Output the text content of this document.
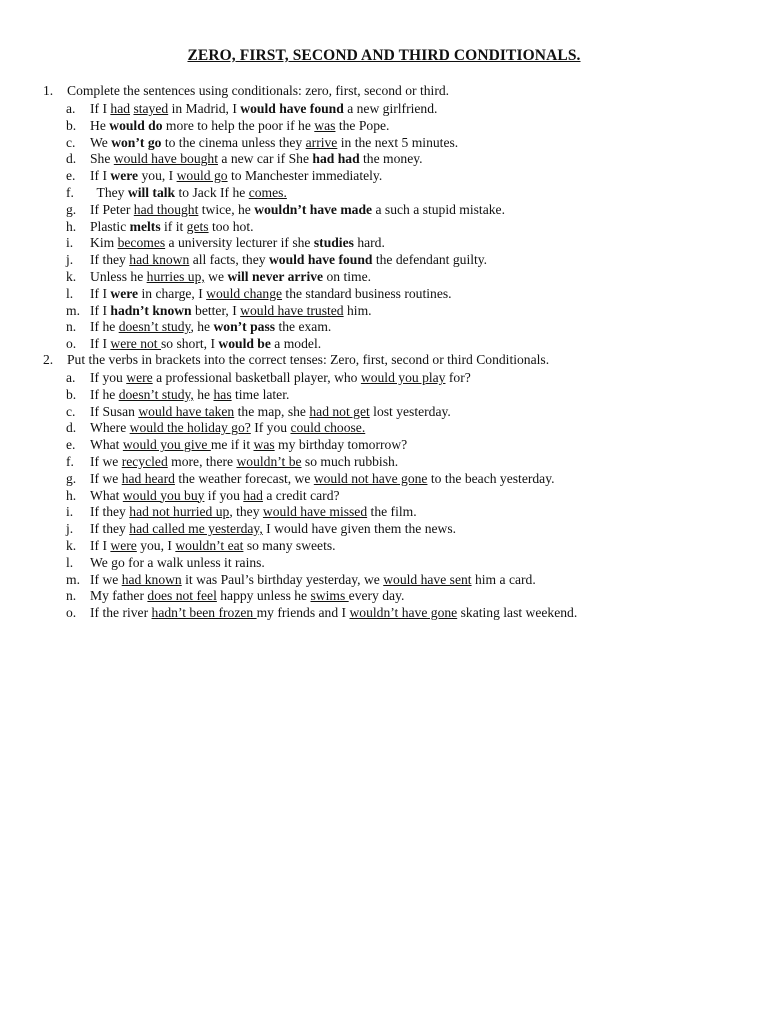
ZERO, FIRST, SECOND AND THIRD CONDITIONALS.
1. Complete the sentences using conditionals: zero, first, second or third.
a. If I had stayed in Madrid, I would have found a new girlfriend.
b. He would do more to help the poor if he was the Pope.
c. We won’t go to the cinema unless they arrive in the next 5 minutes.
d. She would have bought a new car if She had had the money.
e. If I were you, I would go to Manchester immediately.
f.  They will talk to Jack If he comes.
g. If Peter had thought twice, he wouldn’t have made a such a stupid mistake.
h. Plastic melts if it gets too hot.
i. Kim becomes a university lecturer if she studies hard.
j. If they had known all facts, they would have found the defendant guilty.
k. Unless he hurries up, we will never arrive on time.
l. If I were in charge, I would change the standard business routines.
m. If I hadn’t known better, I would have trusted him.
n. If he doesn’t study, he won’t pass the exam.
o. If I were not so short, I would be a model.
2. Put the verbs in brackets into the correct tenses: Zero, first, second or third Conditionals.
a. If you were a professional basketball player, who would you play for?
b. If he doesn’t study, he has time later.
c. If Susan would have taken the map, she had not get lost yesterday.
d. Where would the holiday go? If you could choose.
e. What would you give me if it was my birthday tomorrow?
f. If we recycled more, there wouldn’t be so much rubbish.
g. If we had heard the weather forecast, we would not have gone to the beach yesterday.
h. What would you buy if you had a credit card?
i. If they had not hurried up, they would have missed the film.
j. If they had called me yesterday, I would have given them the news.
k. If I were you, I wouldn’t eat so many sweets.
l. We go for a walk unless it rains.
m. If we had known it was Paul’s birthday yesterday, we would have sent him a card.
n. My father does not feel happy unless he swims every day.
o. If the river hadn’t been frozen my friends and I wouldn’t have gone skating last weekend.
